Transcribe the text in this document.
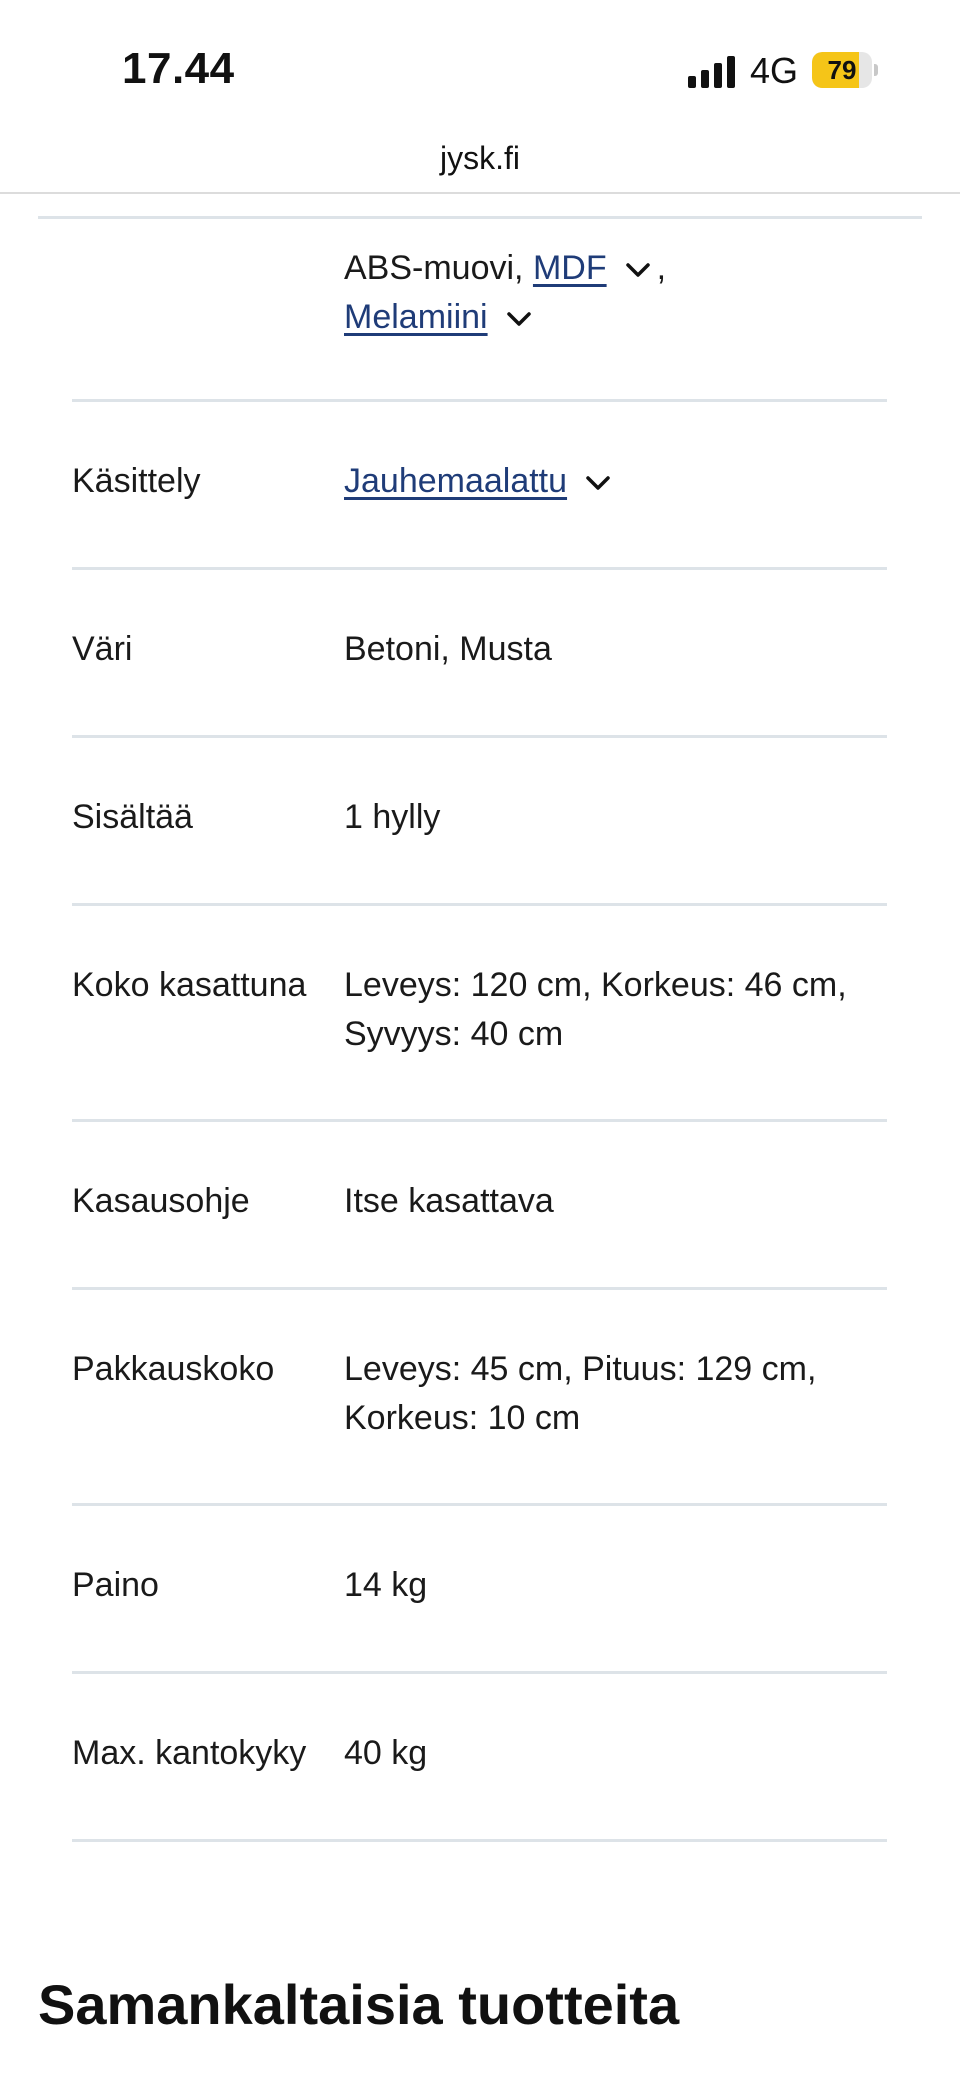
17.44	4G	79
jysk.fi
ABS-muovi, MDF ,
Melamiini
Käsittely	Jauhemaalattu
Väri	Betoni, Musta
Sisältää	1 hylly
Koko kasattuna Leveys: 120 cm, Korkeus: 46 cm, Syvyys: 40 cm
Kasausohje	Itse kasattava
Pakkauskoko Leveys: 45 cm, Pituus: 129 cm, Korkeus: 10 cm
Paino	14 kg
Max. kantokyky 40 kg
Samankaltaisia tuotteita
